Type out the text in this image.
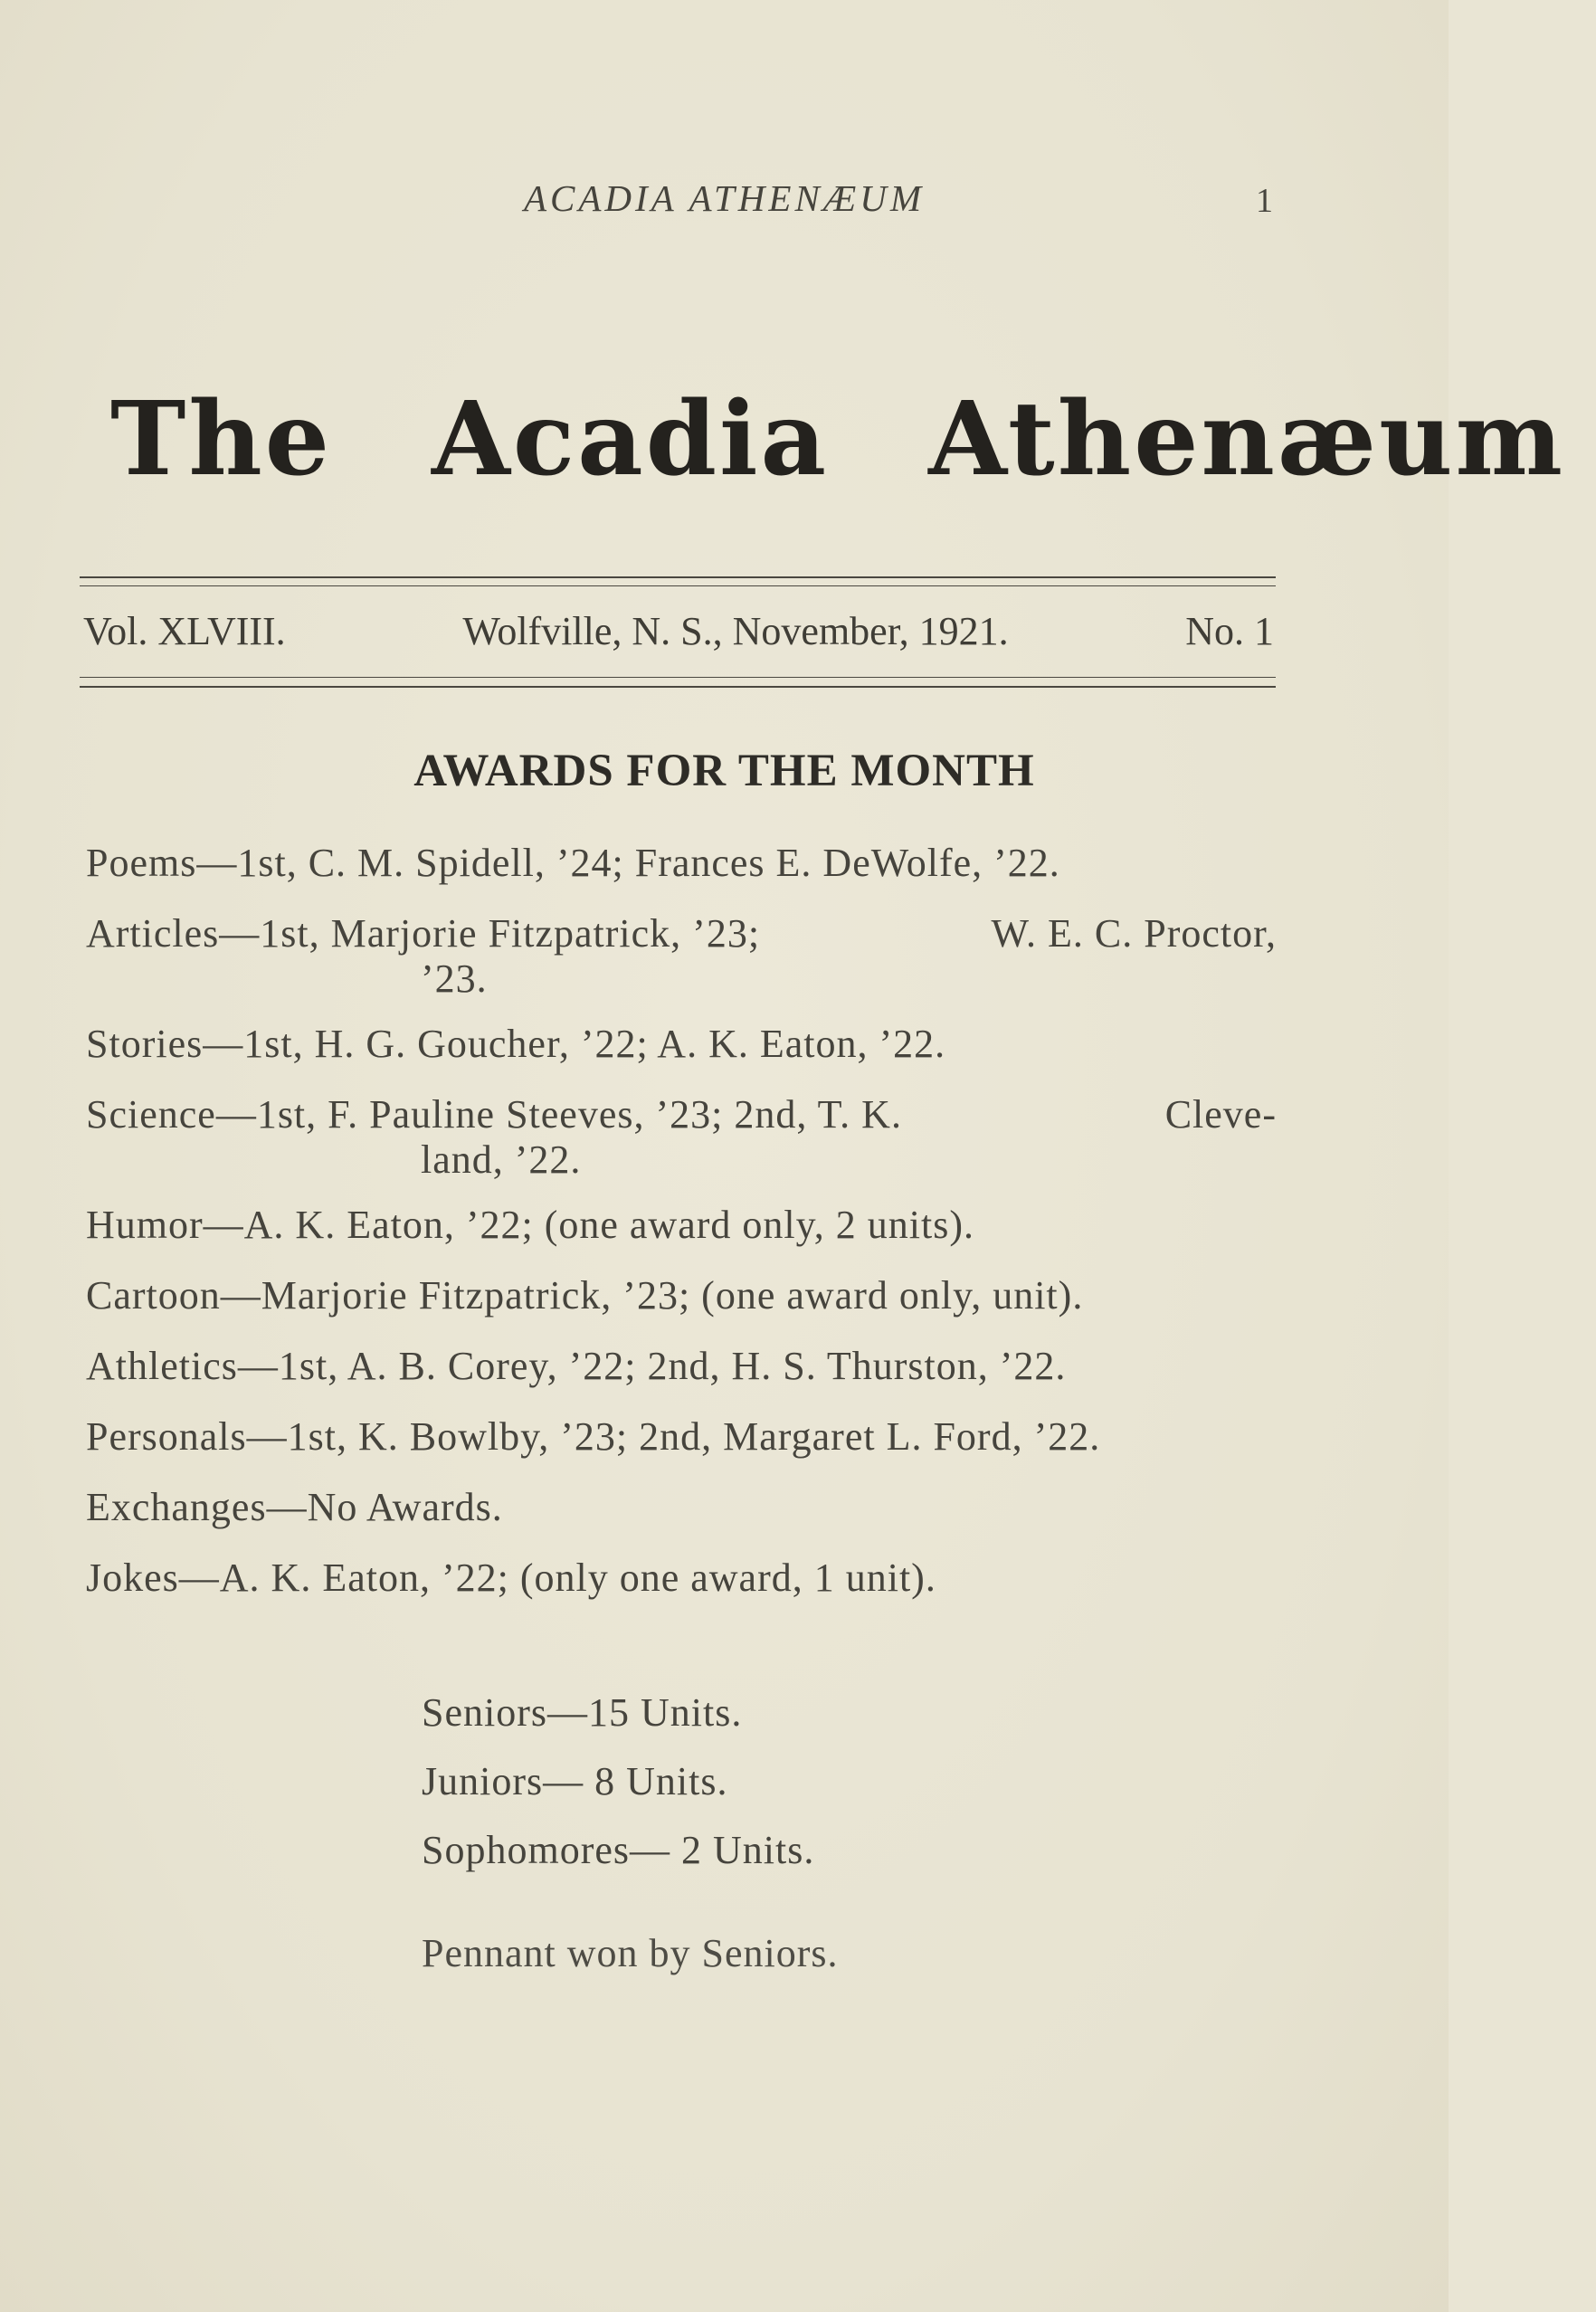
ACADIA ATHENÆUM	1
The Acadia Athenæum
Vol. XLVIII.	Wolfville, N. S., November, 1921.	No. 1
AWARDS FOR THE MONTH
Poems—1st, C. M. Spidell, ’24; Frances E. DeWolfe, ’22.
Articles—1st, Marjorie Fitzpatrick, ’23;	W. E. C. Proctor,
’23.
Stories—1st, H. G. Goucher, ’22; A. K. Eaton, ’22.
Science—1st, F. Pauline Steeves, ’23; 2nd, T. K.	Cleve-
land, ’22.
Humor—A. K. Eaton, ’22; (one award only, 2 units).
Cartoon—Marjorie Fitzpatrick, ’23; (one award only, unit).
Athletics—1st, A. B. Corey, ’22; 2nd, H. S. Thurston, ’22.
Personals—1st, K. Bowlby, ’23; 2nd, Margaret L. Ford, ’22.
Exchanges—No Awards.
Jokes—A. K. Eaton, ’22; (only one award, 1 unit).
Seniors—15 Units.
Juniors— 8 Units.
Sophomores— 2 Units.
Pennant won by Seniors.
